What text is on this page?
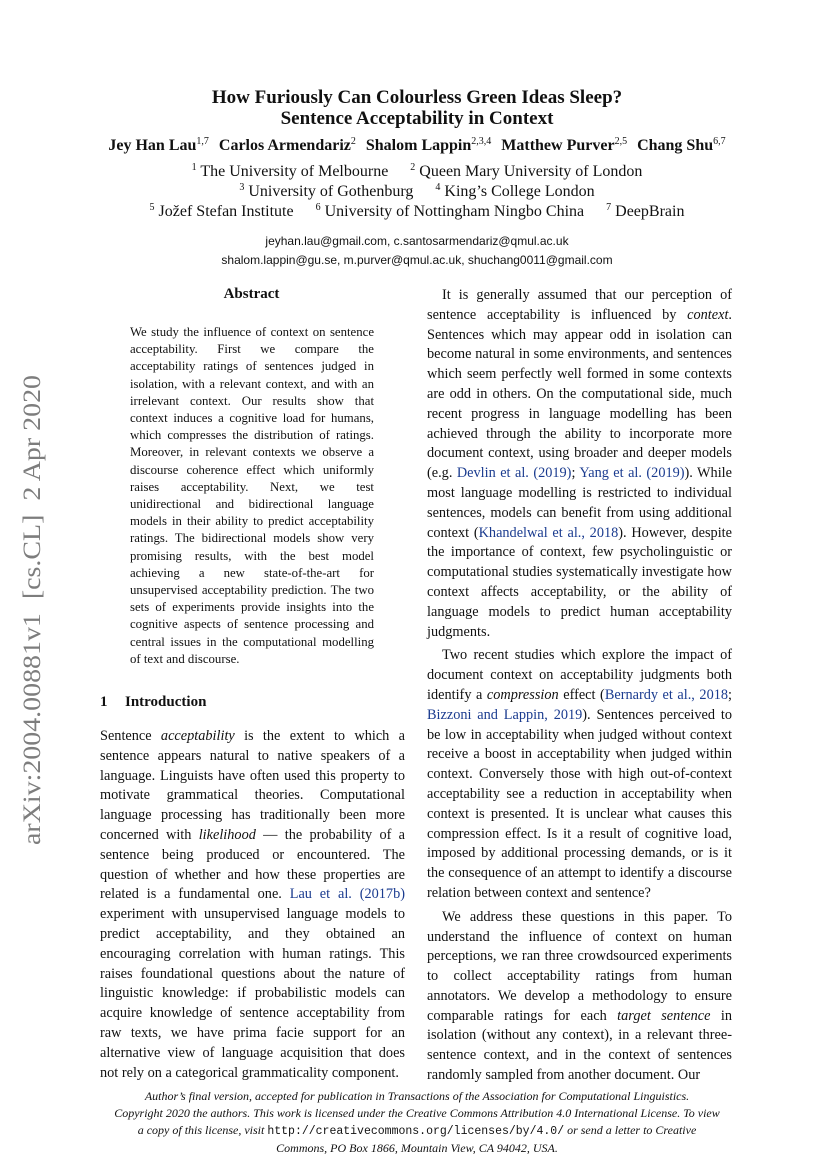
arXiv:2004.00881v1  [cs.CL]  2 Apr 2020
How Furiously Can Colourless Green Ideas Sleep?
Sentence Acceptability in Context
Jey Han Lau$^{1,7}$ Carlos Armendariz$^2$ Shalom Lappin$^{2,3,4}$ Matthew Purver$^{2,5}$ Chang Shu$^{6,7}$
$^1$ The University of Melbourne $^2$ Queen Mary University of London
$^3$ University of Gothenburg $^4$ King’s College London
$^5$ Jožef Stefan Institute $^6$ University of Nottingham Ningbo China $^7$ DeepBrain
jeyhan.lau@gmail.com, c.santosarmendariz@qmul.ac.uk
shalom.lappin@gu.se, m.purver@qmul.ac.uk, shuchang0011@gmail.com
Abstract
We study the influence of context on sentence acceptability. First we compare the acceptability ratings of sentences judged in isolation, with a relevant context, and with an irrelevant context. Our results show that context induces a cognitive load for humans, which compresses the distribution of ratings. Moreover, in relevant contexts we observe a discourse coherence effect which uniformly raises acceptability. Next, we test unidirectional and bidirectional language models in their ability to predict acceptability ratings. The bidirectional models show very promising results, with the best model achieving a new state-of-the-art for unsupervised acceptability prediction. The two sets of experiments provide insights into the cognitive aspects of sentence processing and central issues in the computational modelling of text and discourse.
1 Introduction

Sentence acceptability is the extent to which a sentence appears natural to native speakers of a language. Linguists have often used this property to motivate grammatical theories. Computational language processing has traditionally been more concerned with likelihood — the probability of a sentence being produced or encountered. The question of whether and how these properties are related is a fundamental one. Lau et al. (2017b) experiment with unsupervised language models to predict acceptability, and they obtained an encouraging correlation with human ratings. This raises foundational questions about the nature of linguistic knowledge: if probabilistic models can acquire knowledge of sentence acceptability from raw texts, we have prima facie support for an alternative view of language acquisition that does not rely on a categorical grammaticality component.

It is generally assumed that our perception of sentence acceptability is influenced by context. Sentences which may appear odd in isolation can become natural in some environments, and sentences which seem perfectly well formed in some contexts are odd in others. On the computational side, much recent progress in language modelling has been achieved through the ability to incorporate more document context, using broader and deeper models (e.g. Devlin et al. (2019); Yang et al. (2019)). While most language modelling is restricted to individual sentences, models can benefit from using additional context (Khandelwal et al., 2018). However, despite the importance of context, few psycholinguistic or computational studies systematically investigate how context affects acceptability, or the ability of language models to predict human acceptability judgments.

Two recent studies which explore the impact of document context on acceptability judgments both identify a compression effect (Bernardy et al., 2018; Bizzoni and Lappin, 2019). Sentences perceived to be low in acceptability when judged without context receive a boost in acceptability when judged within context. Conversely those with high out-of-context acceptability see a reduction in acceptability when context is presented. It is unclear what causes this compression effect. Is it a result of cognitive load, imposed by additional processing demands, or is it the consequence of an attempt to identify a discourse relation between context and sentence?

We address these questions in this paper. To understand the influence of context on human perceptions, we ran three crowdsourced experiments to collect acceptability ratings from human annotators. We develop a methodology to ensure comparable ratings for each target sentence in isolation (without any context), in a relevant three-sentence context, and in the context of sentences randomly sampled from another document. Our

Author’s final version, accepted for publication in Transactions of the Association for Computational Linguistics.
Copyright 2020 the authors. This work is licensed under the Creative Commons Attribution 4.0 International License. To view
a copy of this license, visit http://creativecommons.org/licenses/by/4.0/ or send a letter to Creative
Commons, PO Box 1866, Mountain View, CA 94042, USA.
